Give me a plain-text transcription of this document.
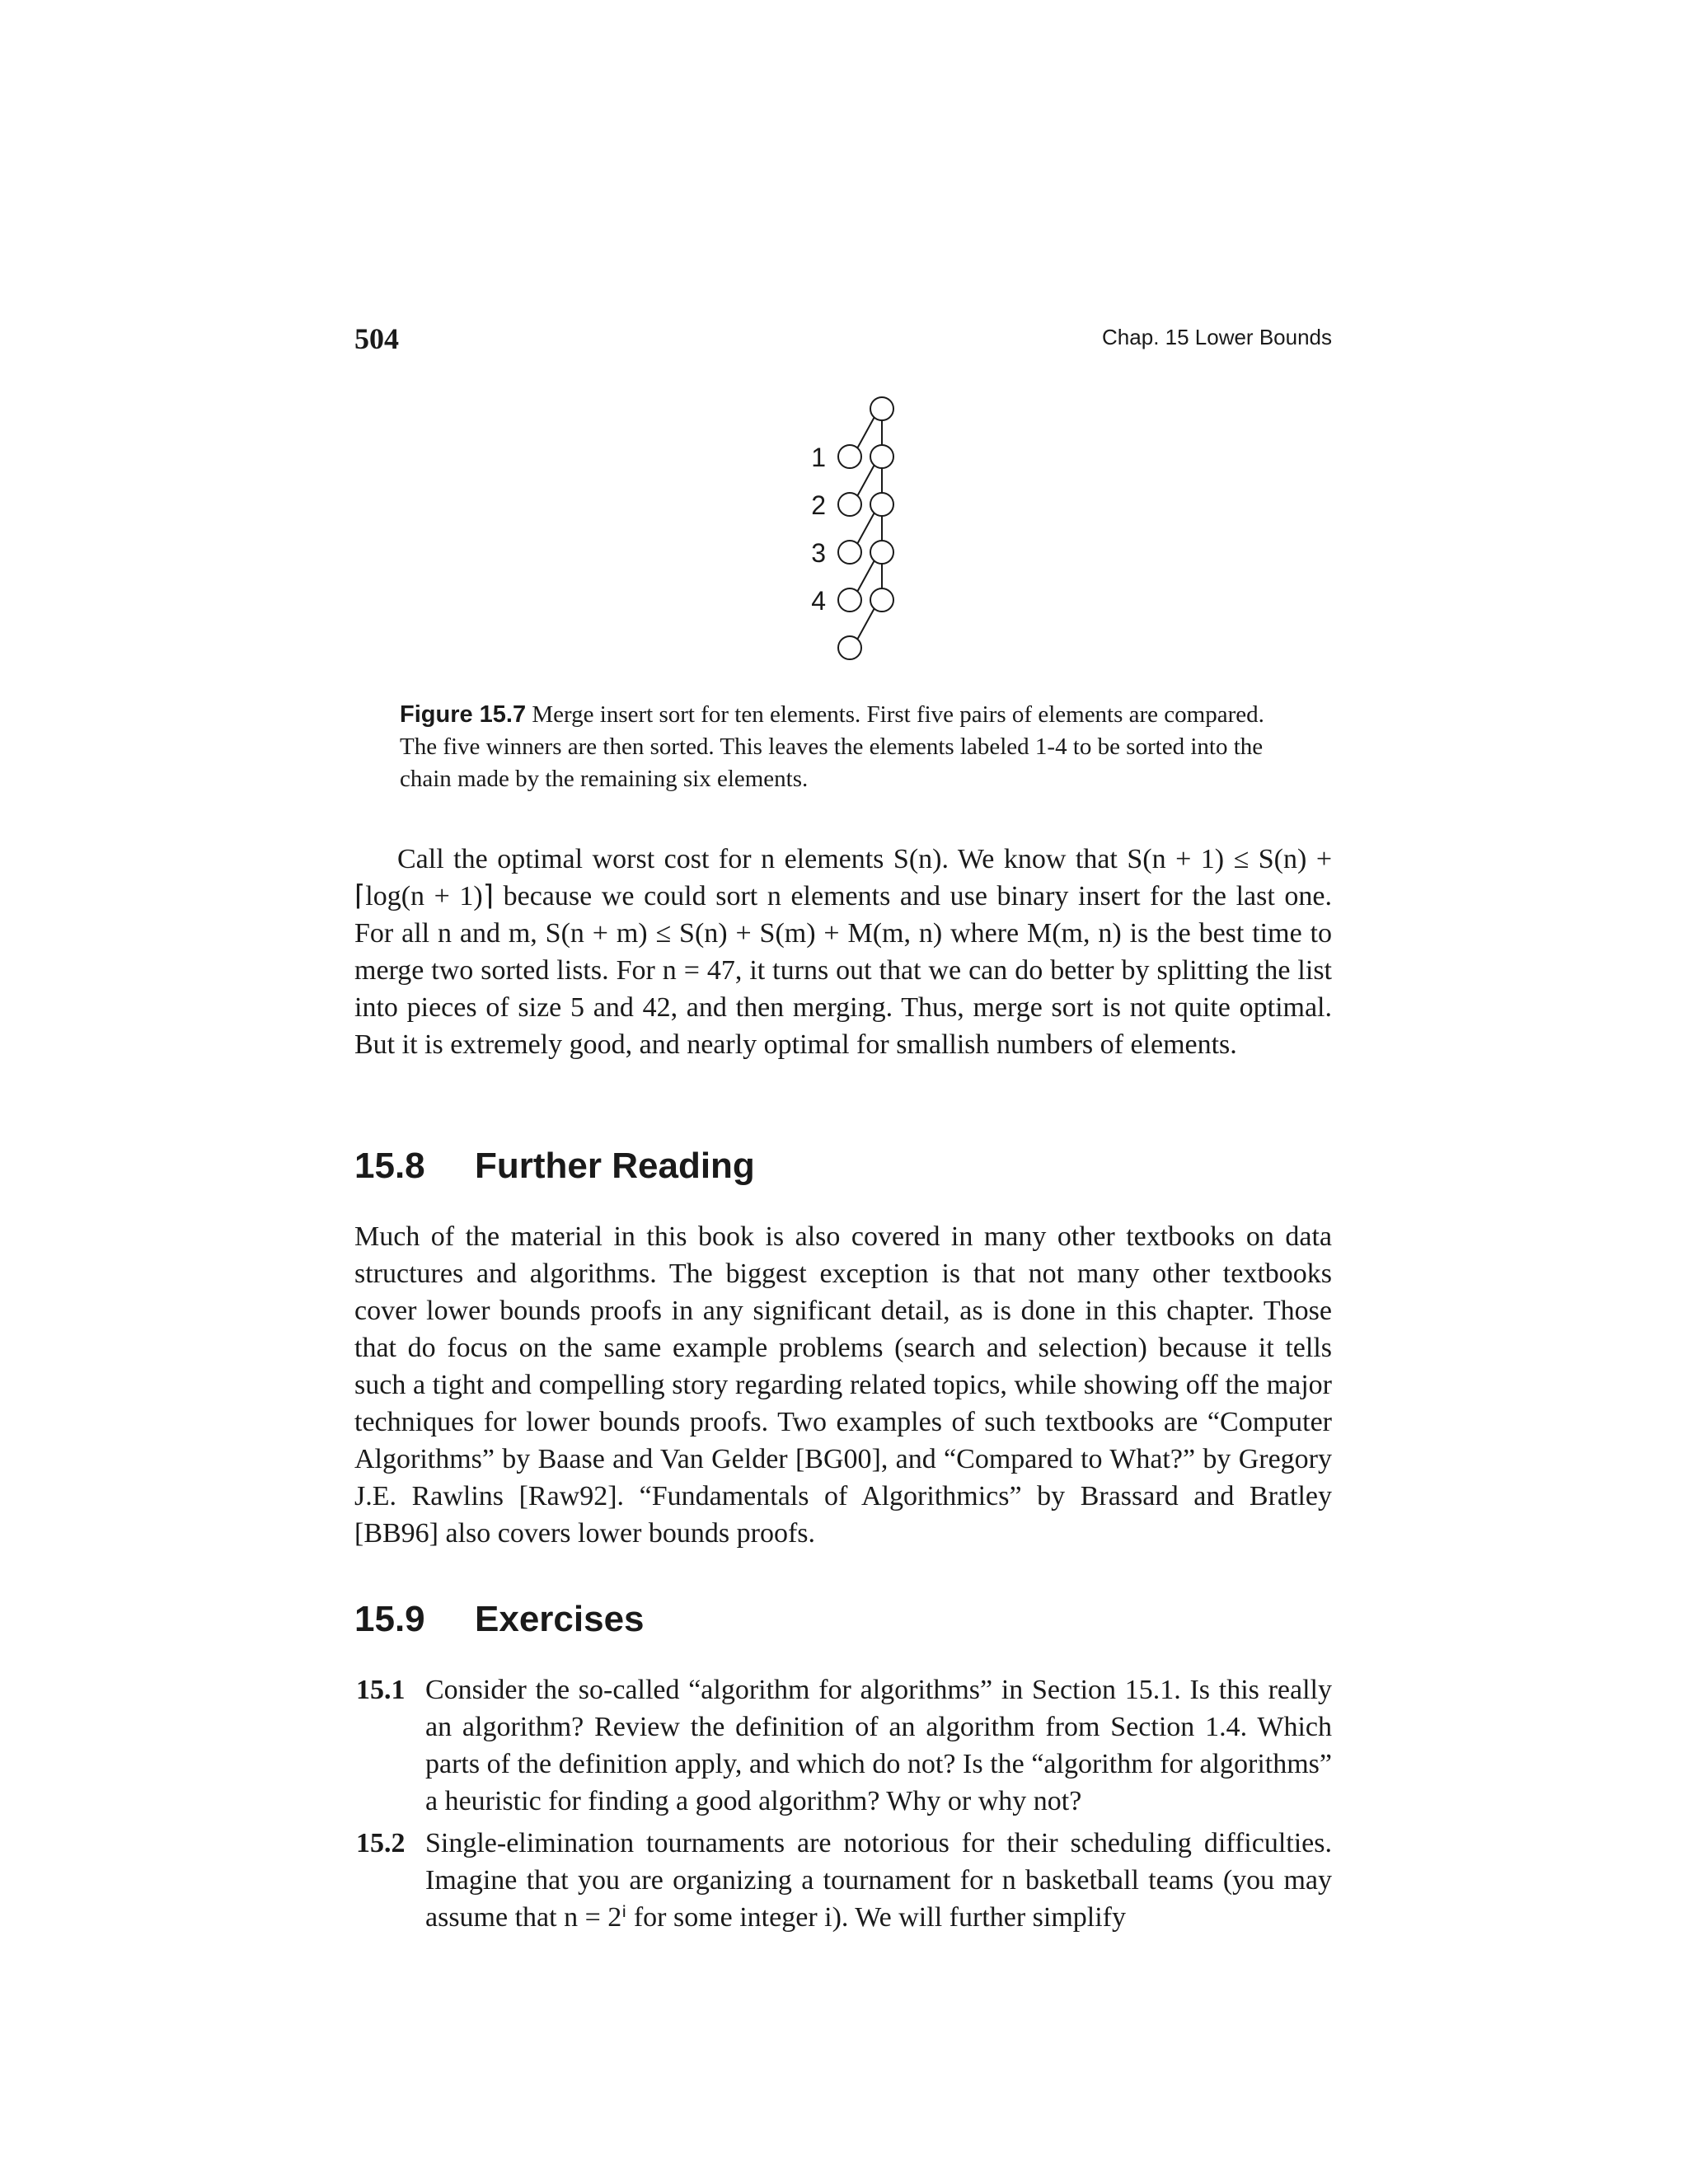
504	Chap. 15 Lower Bounds
1
2
3
4
Figure 15.7 Merge insert sort for ten elements. First five pairs of elements are compared. The five winners are then sorted. This leaves the elements labeled 1-4 to be sorted into the chain made by the remaining six elements.
Call the optimal worst cost for n elements S(n). We know that S(n + 1) ≤ S(n) + ⌈log(n + 1)⌉ because we could sort n elements and use binary insert for the last one. For all n and m, S(n + m) ≤ S(n) + S(m) + M(m, n) where M(m, n) is the best time to merge two sorted lists. For n = 47, it turns out that we can do better by splitting the list into pieces of size 5 and 42, and then merging. Thus, merge sort is not quite optimal. But it is extremely good, and nearly optimal for smallish numbers of elements.
15.8 Further Reading
Much of the material in this book is also covered in many other textbooks on data structures and algorithms. The biggest exception is that not many other textbooks cover lower bounds proofs in any significant detail, as is done in this chapter. Those that do focus on the same example problems (search and selection) because it tells such a tight and compelling story regarding related topics, while showing off the major techniques for lower bounds proofs. Two examples of such textbooks are “Computer Algorithms” by Baase and Van Gelder [BG00], and “Compared to What?” by Gregory J.E. Rawlins [Raw92]. “Fundamentals of Algorithmics” by Brassard and Bratley [BB96] also covers lower bounds proofs.
15.9 Exercises
15.1 Consider the so-called “algorithm for algorithms” in Section 15.1. Is this really an algorithm? Review the definition of an algorithm from Section 1.4. Which parts of the definition apply, and which do not? Is the “algorithm for algorithms” a heuristic for finding a good algorithm? Why or why not?
15.2 Single-elimination tournaments are notorious for their scheduling difficulties. Imagine that you are organizing a tournament for n basketball teams (you may assume that n = 2ⁱ for some integer i). We will further simplify
